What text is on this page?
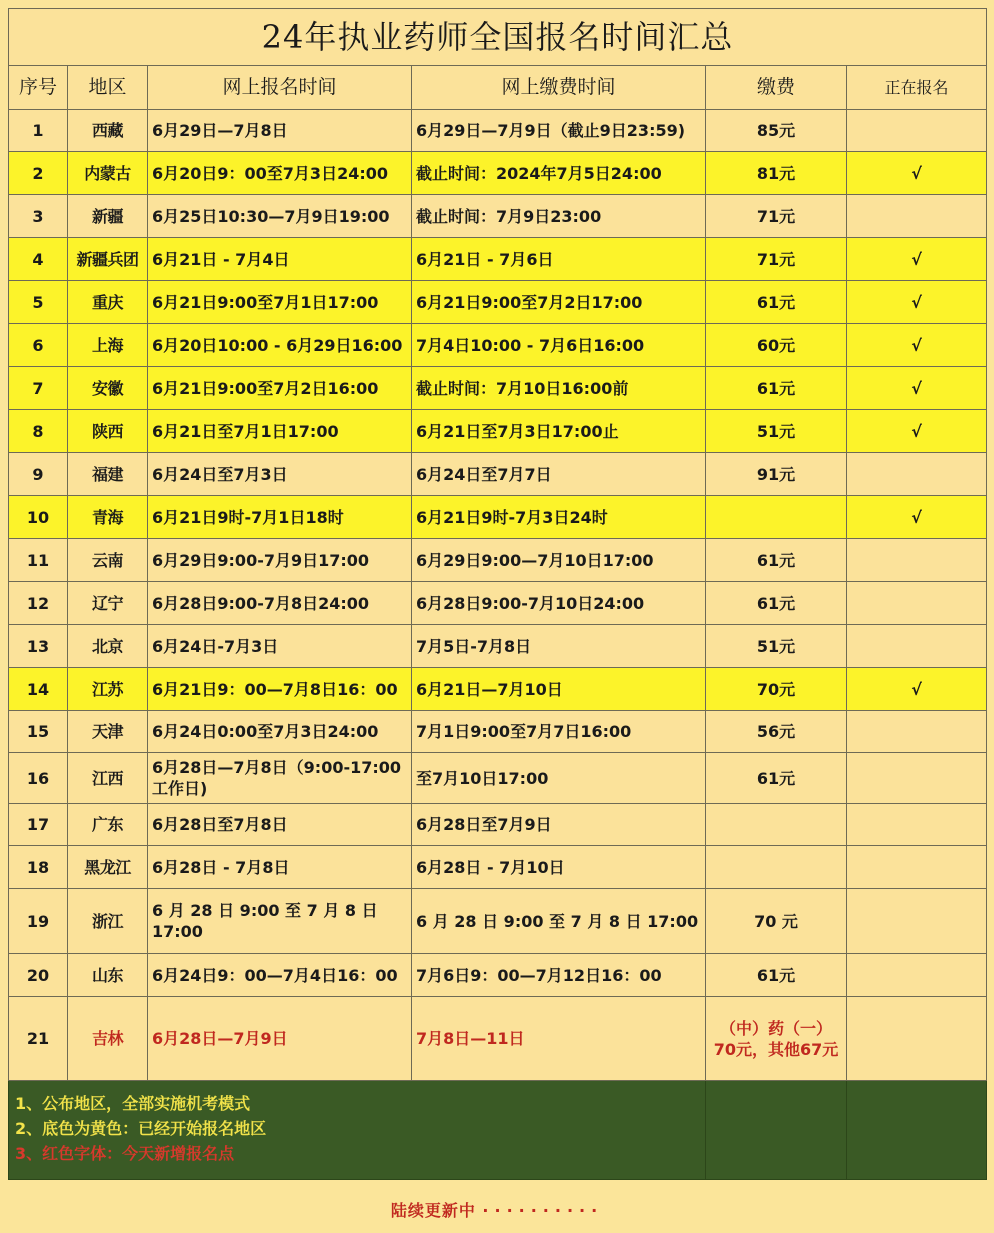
24年执业药师全国报名时间汇总					
序号	地区	网上报名时间	网上缴费时间	缴费	正在报名
1	西藏	6月29日—7月8日	6月29日—7月9日（截止9日23:59)	85元	
2	内蒙古	6月20日9：00至7月3日24:00	截止时间：2024年7月5日24:00	81元	√
3	新疆	6月25日10:30—7月9日19:00	截止时间：7月9日23:00	71元	
4	新疆兵团	6月21日 - 7月4日	6月21日 - 7月6日	71元	√
5	重庆	6月21日9:00至7月1日17:00	6月21日9:00至7月2日17:00	61元	√
6	上海	6月20日10:00 - 6月29日16:00	7月4日10:00 - 7月6日16:00	60元	√
7	安徽	6月21日9:00至7月2日16:00	截止时间：7月10日16:00前	61元	√
8	陕西	6月21日至7月1日17:00	6月21日至7月3日17:00止	51元	√
9	福建	6月24日至7月3日	6月24日至7月7日	91元	
10	青海	6月21日9时-7月1日18时	6月21日9时-7月3日24时		√
11	云南	6月29日9:00-7月9日17:00	6月29日9:00—7月10日17:00	61元	
12	辽宁	6月28日9:00-7月8日24:00	6月28日9:00-7月10日24:00	61元	
13	北京	6月24日-7月3日	7月5日-7月8日	51元	
14	江苏	6月21日9：00—7月8日16：00	6月21日—7月10日	70元	√
15	天津	6月24日0:00至7月3日24:00	7月1日9:00至7月7日16:00	56元	
16	江西	6月28日—7月8日（9:00-17:00 工作日)	至7月10日17:00	61元	
17	广东	6月28日至7月8日	6月28日至7月9日		
18	黑龙江	6月28日 - 7月8日	6月28日 - 7月10日		
19	浙江	6 月 28 日 9:00 至 7 月 8 日 17:00	6 月 28 日 9:00 至 7 月 8 日 17:00	70 元	
20	山东	6月24日9：00—7月4日16：00	7月6日9：00—7月12日16：00	61元	
21	吉林	6月28日—7月9日	7月8日—11日	（中）药（一）70元，其他67元	

1、公布地区，全部实施机考模式
2、底色为黄色：已经开始报名地区
3、红色字体：今天新增报名点					

陆续更新中 ··········
